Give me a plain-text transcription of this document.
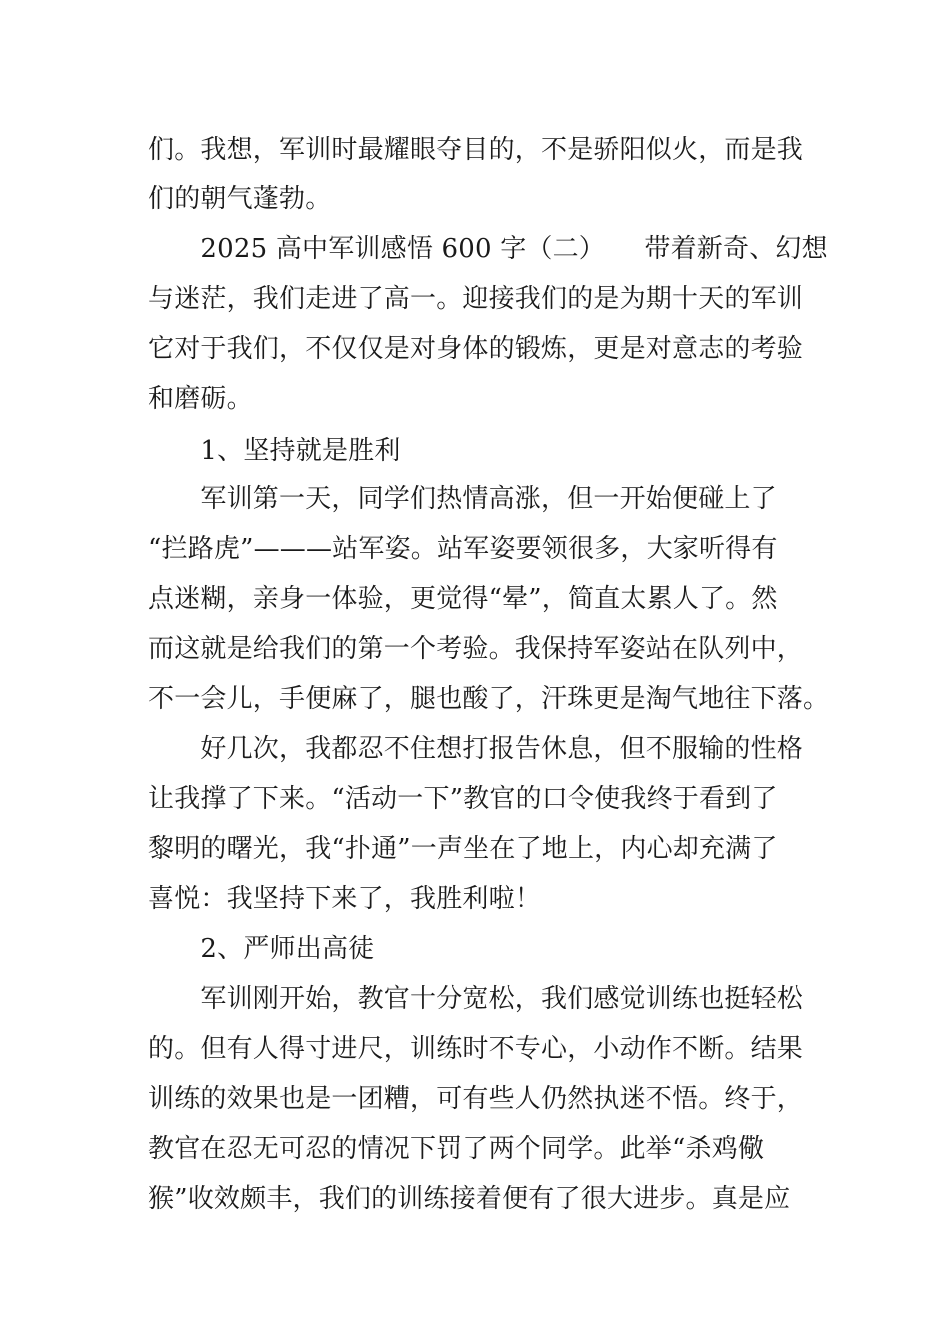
们。我想，军训时最耀眼夺目的，不是骄阳似火，而是我
们的朝气蓬勃。
　　2025 高中军训感悟 600 字（二）　　带着新奇、幻想
与迷茫，我们走进了高一。迎接我们的是为期十天的军训
它对于我们，不仅仅是对身体的锻炼，更是对意志的考验
和磨砺。
　　1、坚持就是胜利
　　军训第一天，同学们热情高涨，但一开始便碰上了
“拦路虎”———站军姿。站军姿要领很多，大家听得有
点迷糊，亲身一体验，更觉得“晕”，简直太累人了。然
而这就是给我们的第一个考验。我保持军姿站在队列中，
不一会儿，手便麻了，腿也酸了，汗珠更是淘气地往下落。
　　好几次，我都忍不住想打报告休息，但不服输的性格
让我撑了下来。“活动一下”教官的口令使我终于看到了
黎明的曙光，我“扑通”一声坐在了地上，内心却充满了
喜悦：我坚持下来了，我胜利啦！
　　2、严师出高徒
　　军训刚开始，教官十分宽松，我们感觉训练也挺轻松
的。但有人得寸进尺，训练时不专心，小动作不断。结果
训练的效果也是一团糟，可有些人仍然执迷不悟。终于，
教官在忍无可忍的情况下罚了两个同学。此举“杀鸡儆
猴”收效颇丰，我们的训练接着便有了很大进步。真是应
